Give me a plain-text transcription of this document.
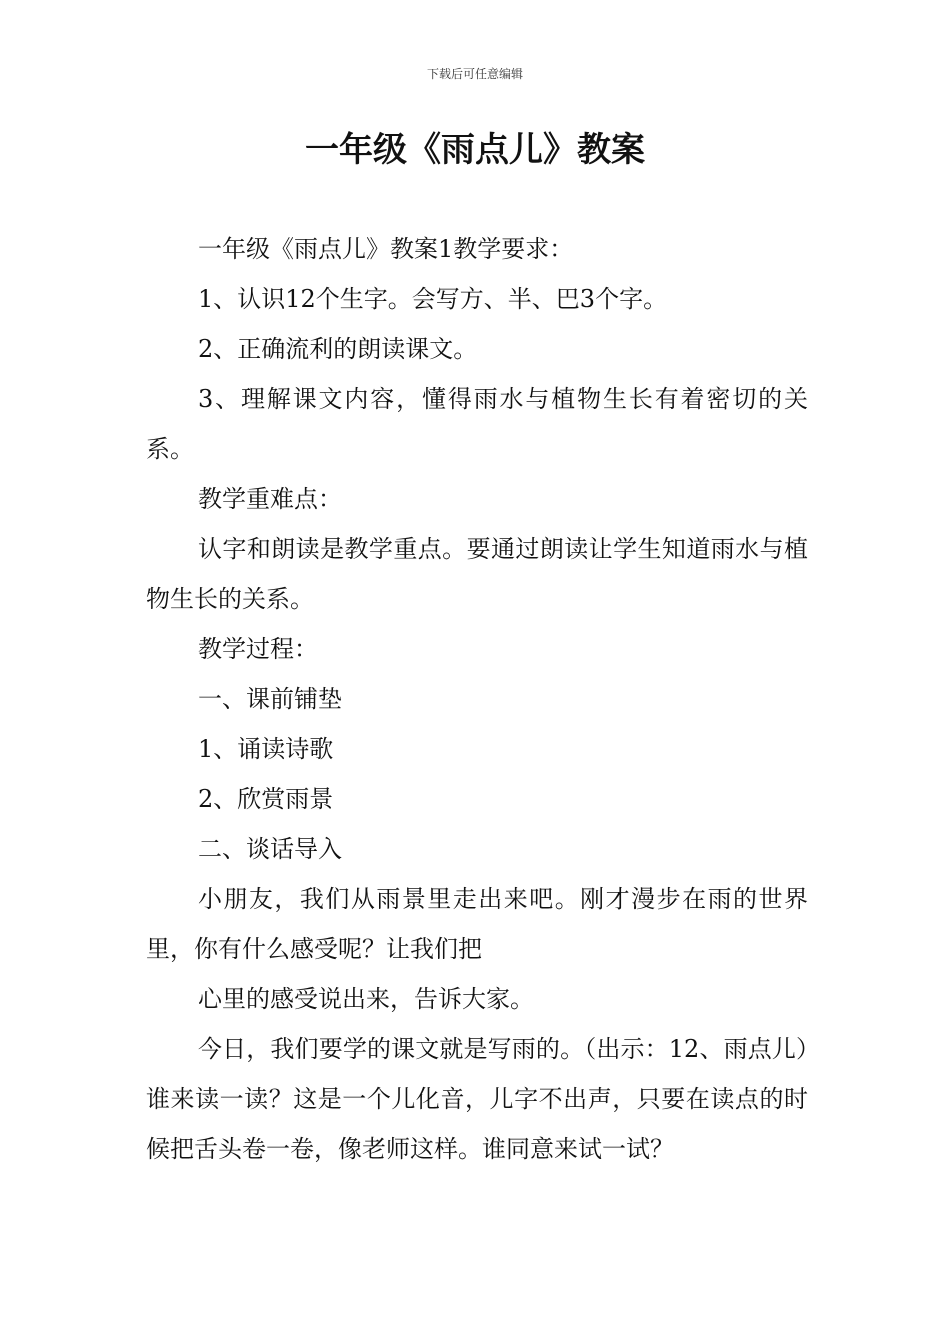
下载后可任意编辑
一年级《雨点儿》教案

一年级《雨点儿》教案1教学要求：

1、认识12个生字。会写方、半、巴3个字。

2、正确流利的朗读课文。

3、理解课文内容，懂得雨水与植物生长有着密切的关系。

教学重难点：

认字和朗读是教学重点。要通过朗读让学生知道雨水与植物生长的关系。

教学过程：

一、课前铺垫

1、诵读诗歌

2、欣赏雨景

二、谈话导入

小朋友，我们从雨景里走出来吧。刚才漫步在雨的世界里，你有什么感受呢？让我们把

心里的感受说出来，告诉大家。

今日，我们要学的课文就是写雨的。（出示：12、雨点儿）谁来读一读？这是一个儿化音，儿字不出声，只要在读点的时候把舌头卷一卷，像老师这样。谁同意来试一试？
